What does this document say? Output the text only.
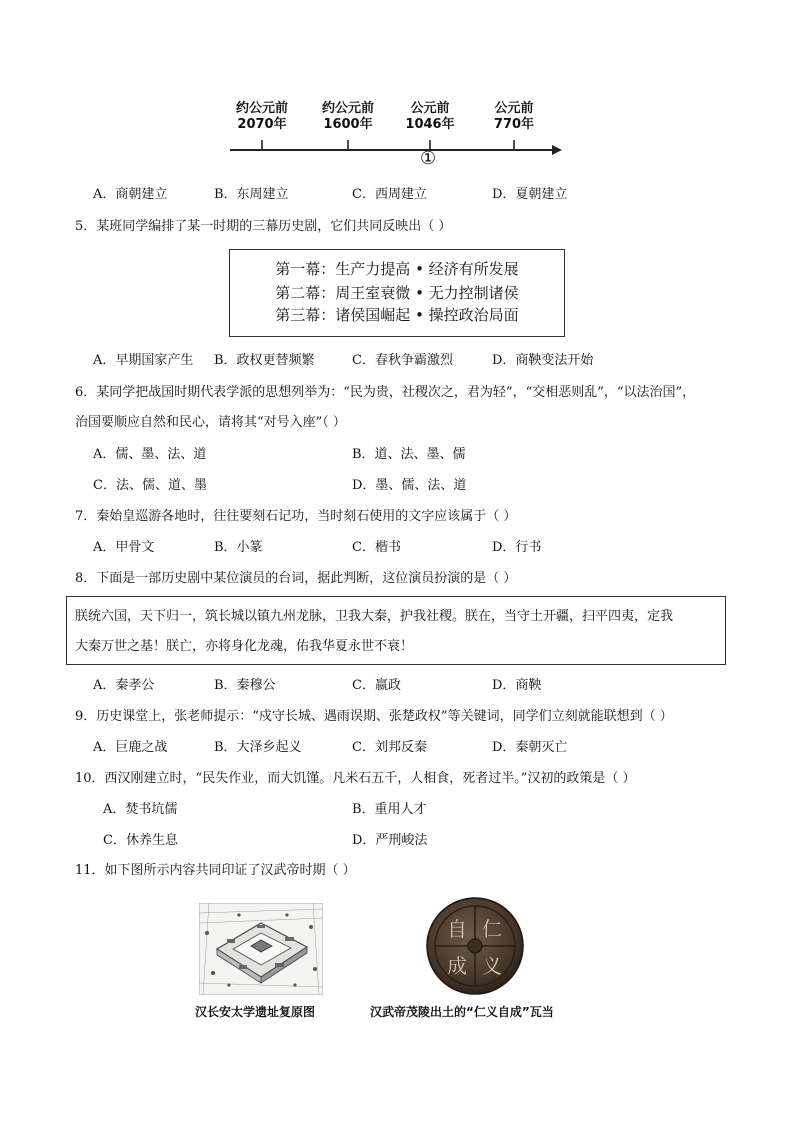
约公元前
2070年
约公元前
1600年
公元前
1046年
公元前
770年
①
A．商朝建立	B．东周建立	C．西周建立	D．夏朝建立
5．某班同学编排了某一时期的三幕历史剧，它们共同反映出（ ）
第一幕：生产力提高 • 经济有所发展
第二幕：周王室衰微 • 无力控制诸侯
第三幕：诸侯国崛起 • 操控政治局面
A．早期国家产生 B．政权更替频繁	C．春秋争霸激烈	D．商鞅变法开始
6．某同学把战国时期代表学派的思想列举为：“民为贵，社稷次之，君为轻”，“交相恶则乱”，“以法治国”，
治国要顺应自然和民心，请将其“对号入座”（ ）
A．儒、墨、法、道	B．道、法、墨、儒
C．法、儒、道、墨	D．墨、儒、法、道
7．秦始皇巡游各地时，往往要刻石记功，当时刻石使用的文字应该属于（ ）
A．甲骨文	B．小篆	C．楷书	D．行书
8．下面是一部历史剧中某位演员的台词，据此判断，这位演员扮演的是（ ）
朕统六国，天下归一，筑长城以镇九州龙脉，卫我大秦，护我社稷。朕在，当守土开疆，扫平四夷，定我
大秦万世之基！朕亡，亦将身化龙魂，佑我华夏永世不衰！
A．秦孝公	B．秦穆公	C．嬴政	D．商鞅
9．历史课堂上，张老师提示：“戍守长城、遇雨误期、张楚政权”等关键词，同学们立刻就能联想到（ ）
A．巨鹿之战	B．大泽乡起义	C．刘邦反秦	D．秦朝灭亡
10．西汉刚建立时，“民失作业，而大饥馑。凡米石五千，人相食，死者过半。”汉初的政策是（ ）
A．焚书坑儒	B．重用人才
C．休养生息	D．严刑峻法
11．如下图所示内容共同印证了汉武帝时期（ ）
仁
义
自
成
汉长安太学遗址复原图	汉武帝茂陵出土的“仁义自成”瓦当
